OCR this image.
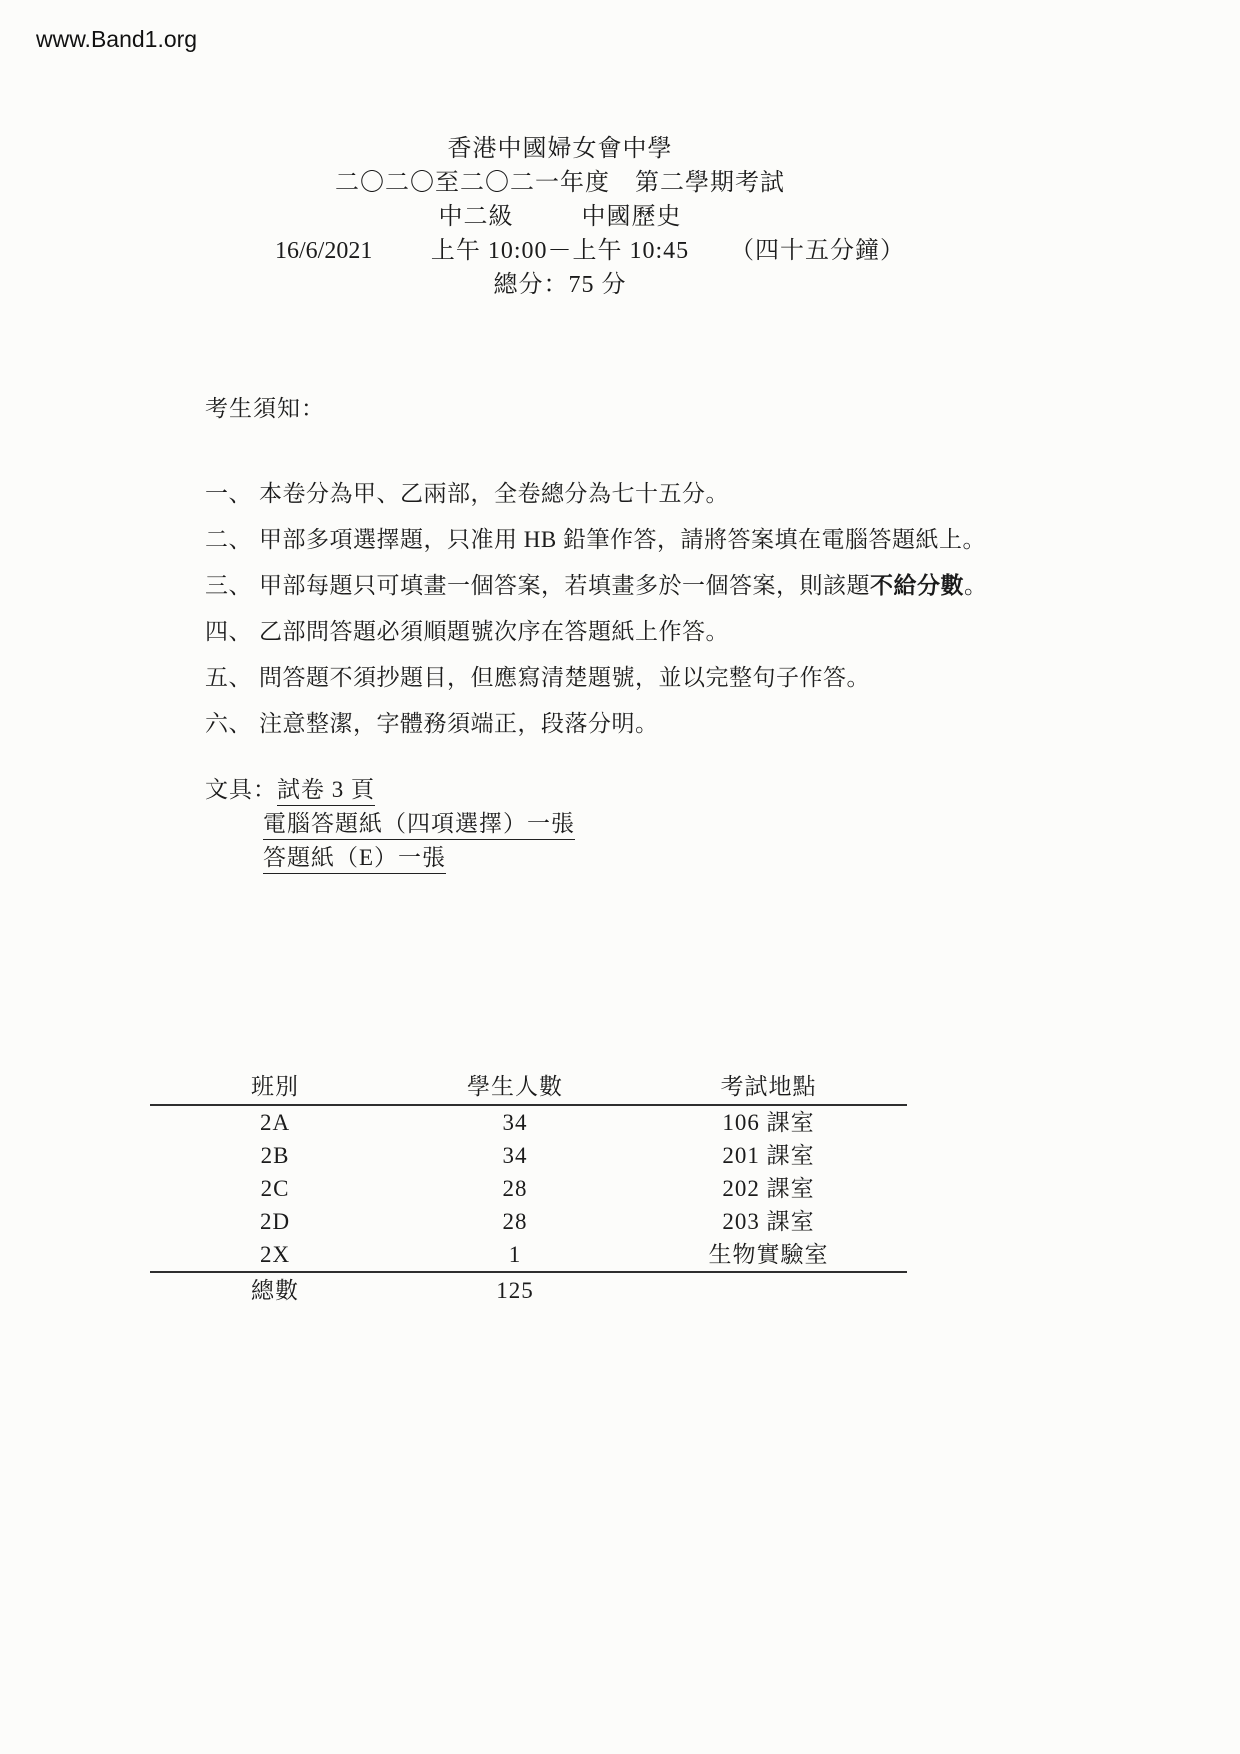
www.Band1.org
香港中國婦女會中學
二〇二〇至二〇二一年度　第二學期考試
中二級	中國歷史
16/6/2021 上午 10:00－上午 10:45 （四十五分鐘）
總分：75 分
考生須知：
一、 本卷分為甲、乙兩部，全卷總分為七十五分。
二、 甲部多項選擇題，只准用 HB 鉛筆作答，請將答案填在電腦答題紙上。
三、 甲部每題只可填畫一個答案，若填畫多於一個答案，則該題不給分數。
四、 乙部問答題必須順題號次序在答題紙上作答。
五、 問答題不須抄題目，但應寫清楚題號，並以完整句子作答。
六、 注意整潔，字體務須端正，段落分明。
文具：試卷 3 頁
電腦答題紙（四項選擇）一張
答題紙（E）一張
班別	學生人數	考試地點
2A	34	106 課室
2B	34	201 課室
2C	28	202 課室
2D	28	203 課室
2X	1	生物實驗室
總數	125
